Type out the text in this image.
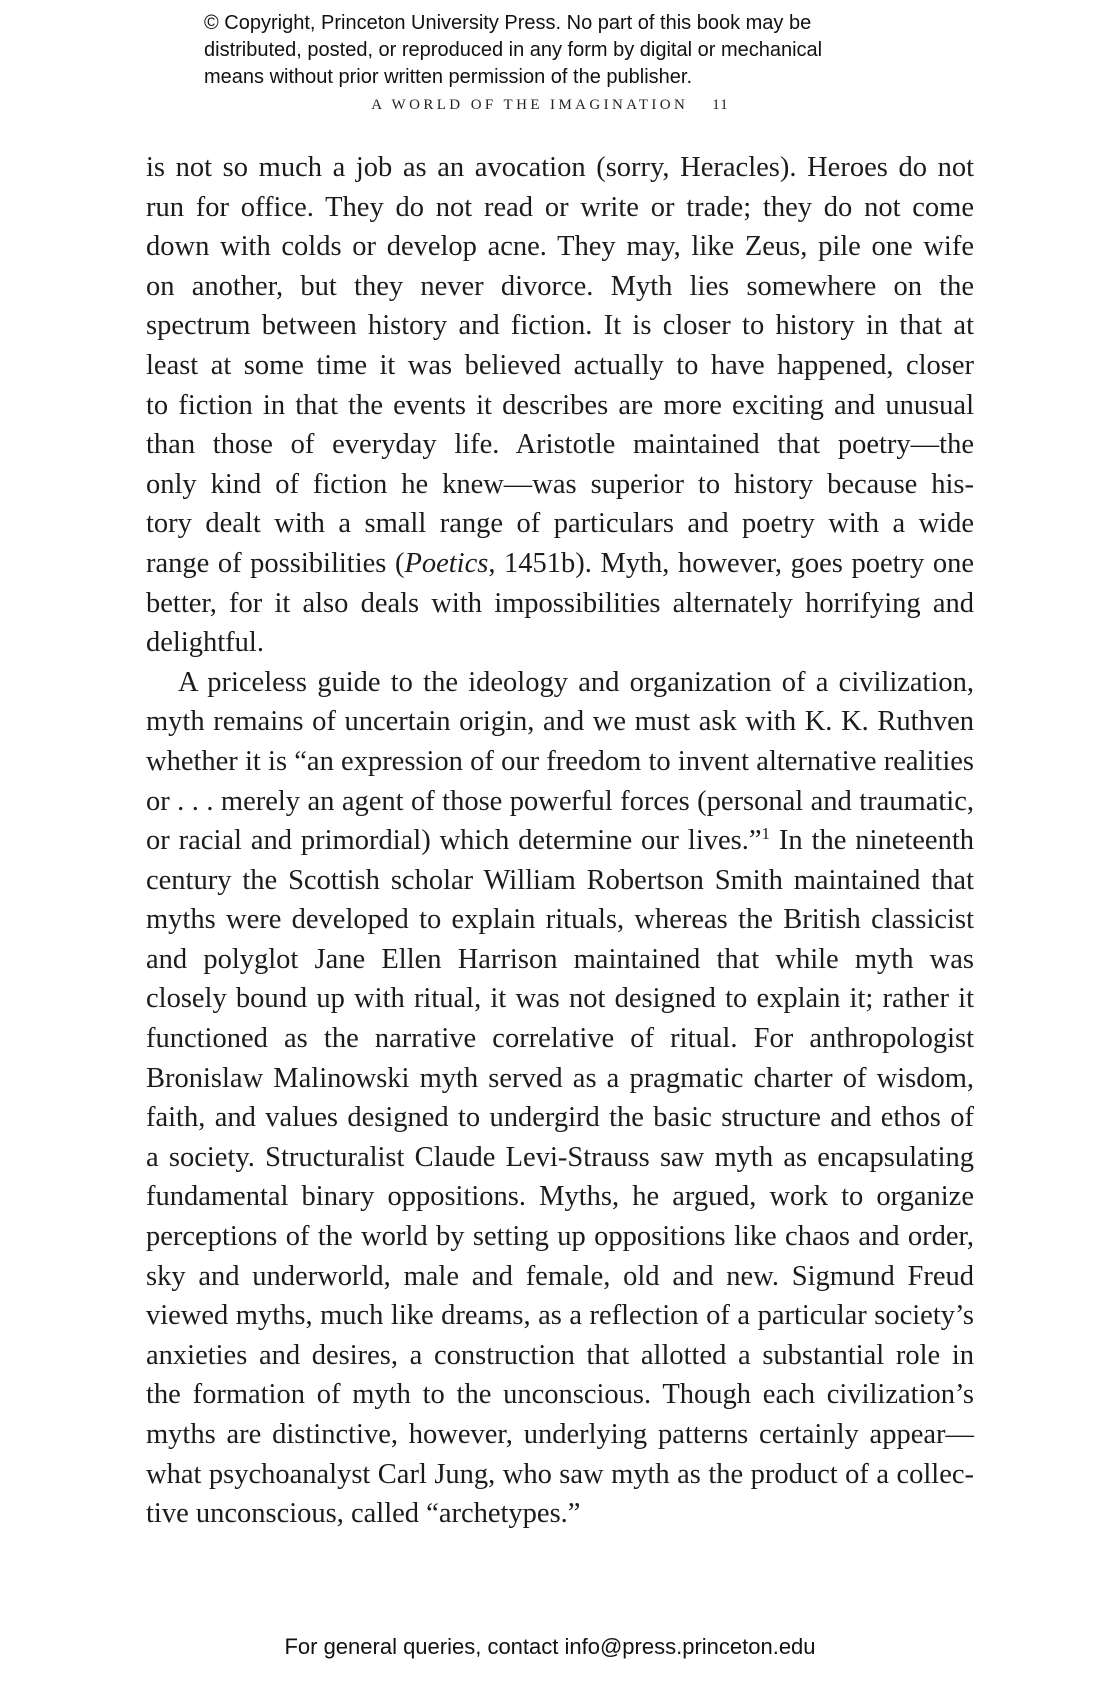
© Copyright, Princeton University Press. No part of this book may be
distributed, posted, or reproduced in any form by digital or mechanical
means without prior written permission of the publisher.
A WORLD OF THE IMAGINATION 11
is not so much a job as an avocation (sorry, Heracles). Heroes do not
run for office. They do not read or write or trade; they do not come
down with colds or develop acne. They may, like Zeus, pile one wife
on another, but they never divorce. Myth lies somewhere on the
spectrum between history and fiction. It is closer to history in that at
least at some time it was believed actually to have happened, closer
to fiction in that the events it describes are more exciting and unusual
than those of everyday life. Aristotle maintained that poetry—the
only kind of fiction he knew—was superior to history because his-
tory dealt with a small range of particulars and poetry with a wide
range of possibilities (Poetics, 1451b). Myth, however, goes poetry one
better, for it also deals with impossibilities alternately horrifying and
delightful.
A priceless guide to the ideology and organization of a civilization,
myth remains of uncertain origin, and we must ask with K. K. Ruthven
whether it is “an expression of our freedom to invent alternative realities
or . . . merely an agent of those powerful forces (personal and traumatic,
or racial and primordial) which determine our lives.”$^1$ In the nineteenth
century the Scottish scholar William Robertson Smith maintained that
myths were developed to explain rituals, whereas the British classicist
and polyglot Jane Ellen Harrison maintained that while myth was
closely bound up with ritual, it was not designed to explain it; rather it
functioned as the narrative correlative of ritual. For anthropologist
Bronislaw Malinowski myth served as a pragmatic charter of wisdom,
faith, and values designed to undergird the basic structure and ethos of
a society. Structuralist Claude Levi-Strauss saw myth as encapsulating
fundamental binary oppositions. Myths, he argued, work to organize
perceptions of the world by setting up oppositions like chaos and order,
sky and underworld, male and female, old and new. Sigmund Freud
viewed myths, much like dreams, as a reflection of a particular society’s
anxieties and desires, a construction that allotted a substantial role in
the formation of myth to the unconscious. Though each civilization’s
myths are distinctive, however, underlying patterns certainly appear—
what psychoanalyst Carl Jung, who saw myth as the product of a collec-
tive unconscious, called “archetypes.”
For general queries, contact info@press.princeton.edu
